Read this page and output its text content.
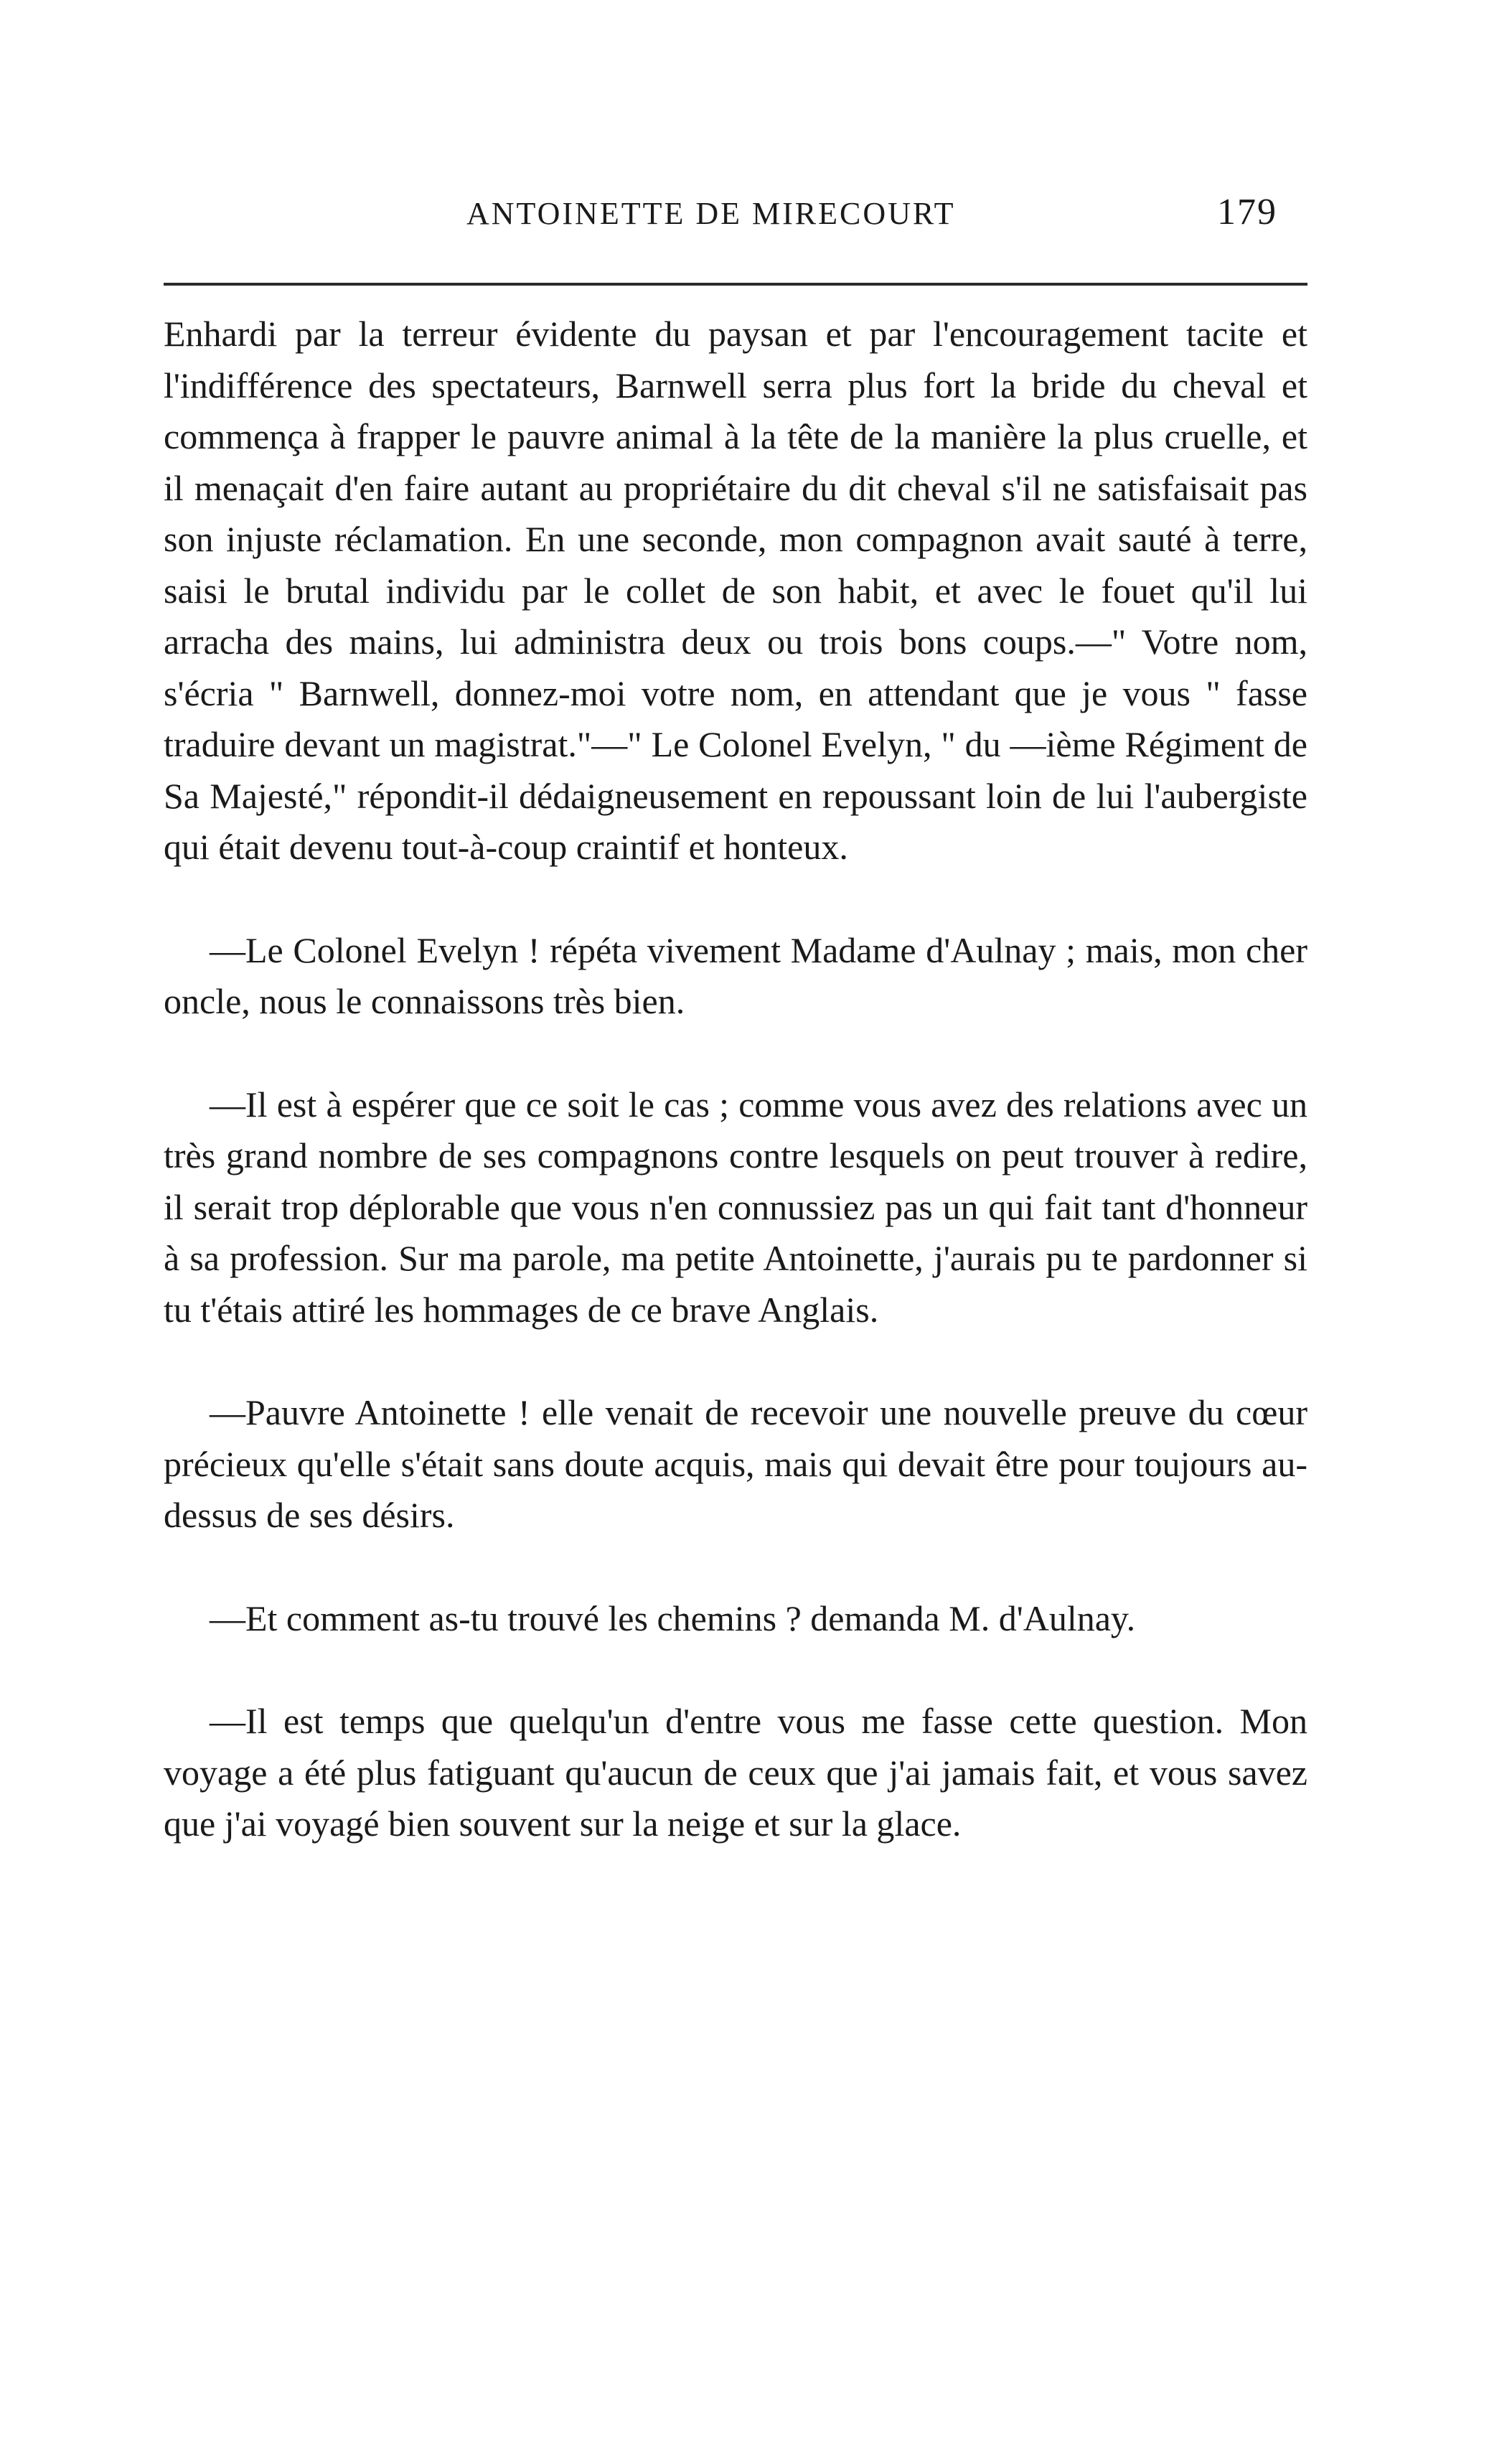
ANTOINETTE DE MIRECOURT	179

Enhardi par la terreur évidente du paysan et par l'encouragement tacite et l'indifférence des spectateurs, Barnwell serra plus fort la bride du cheval et commença à frapper le pauvre animal à la tête de la manière la plus cruelle, et il menaçait d'en faire autant au propriétaire du dit cheval s'il ne satisfaisait pas son injuste réclamation. En une seconde, mon compagnon avait sauté à terre, saisi le brutal individu par le collet de son habit, et avec le fouet qu'il lui arracha des mains, lui administra deux ou trois bons coups.—" Votre nom, s'écria " Barnwell, donnez-moi votre nom, en attendant que je vous " fasse traduire devant un magistrat."—" Le Colonel Evelyn, " du —ième Régiment de Sa Majesté," répondit-il dédaigneusement en repoussant loin de lui l'aubergiste qui était devenu tout-à-coup craintif et honteux.

—Le Colonel Evelyn ! répéta vivement Madame d'Aulnay ; mais, mon cher oncle, nous le connaissons très bien.

—Il est à espérer que ce soit le cas ; comme vous avez des relations avec un très grand nombre de ses compagnons contre lesquels on peut trouver à redire, il serait trop déplorable que vous n'en connussiez pas un qui fait tant d'honneur à sa profession. Sur ma parole, ma petite Antoinette, j'aurais pu te pardonner si tu t'étais attiré les hommages de ce brave Anglais.

—Pauvre Antoinette ! elle venait de recevoir une nouvelle preuve du cœur précieux qu'elle s'était sans doute acquis, mais qui devait être pour toujours au-dessus de ses désirs.

—Et comment as-tu trouvé les chemins ? demanda M. d'Aulnay.

—Il est temps que quelqu'un d'entre vous me fasse cette question. Mon voyage a été plus fatiguant qu'aucun de ceux que j'ai jamais fait, et vous savez que j'ai voyagé bien souvent sur la neige et sur la glace.
